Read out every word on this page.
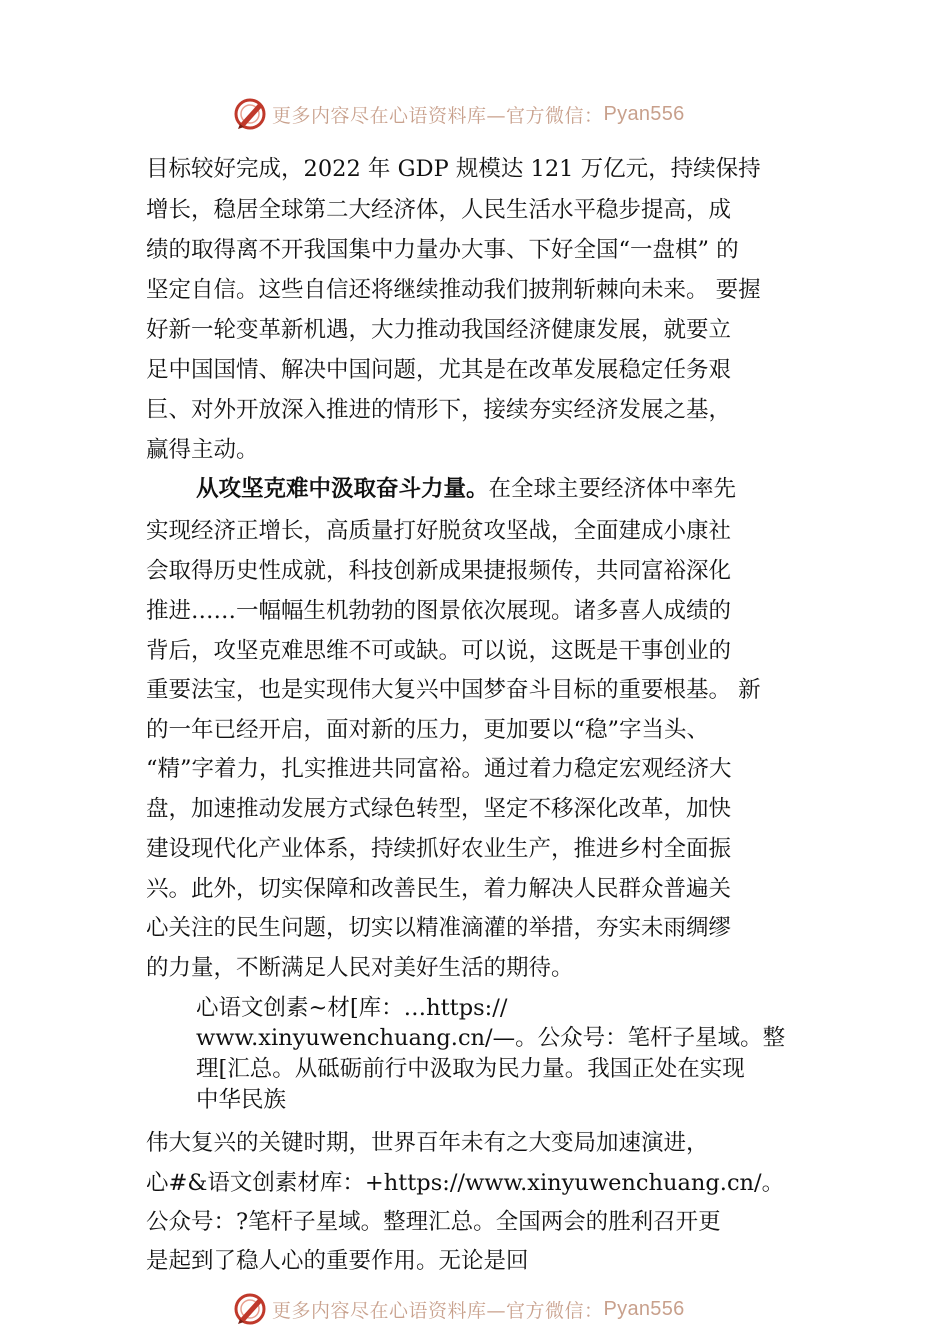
更多内容尽在心语资料库—官方微信： Pyan556
目标较好完成，2022 年 GDP 规模达 121 万亿元，持续保持
增长，稳居全球第二大经济体，人民生活水平稳步提高，成
绩的取得离不开我国集中力量办大事、下好全国“一盘棋” 的
坚定自信。这些自信还将继续推动我们披荆斩棘向未来。 要握
好新一轮变革新机遇，大力推动我国经济健康发展，就要立
足中国国情、解决中国问题，尤其是在改革发展稳定任务艰
巨、对外开放深入推进的情形下，接续夯实经济发展之基，
赢得主动。
从攻坚克难中汲取奋斗力量。在全球主要经济体中率先
实现经济正增长，高质量打好脱贫攻坚战，全面建成小康社
会取得历史性成就，科技创新成果捷报频传，共同富裕深化
推进……一幅幅生机勃勃的图景依次展现。诸多喜人成绩的
背后，攻坚克难思维不可或缺。可以说，这既是干事创业的
重要法宝，也是实现伟大复兴中国梦奋斗目标的重要根基。 新
的一年已经开启，面对新的压力，更加要以“稳”字当头、
“精”字着力，扎实推进共同富裕。通过着力稳定宏观经济大
盘，加速推动发展方式绿色转型，坚定不移深化改革，加快
建设现代化产业体系，持续抓好农业生产，推进乡村全面振
兴。此外，切实保障和改善民生，着力解决人民群众普遍关
心关注的民生问题，切实以精准滴灌的举措，夯实未雨绸缪
的力量，不断满足人民对美好生活的期待。
心语文创素~材[库：…https://
www.xinyuwenchuang.cn/—。公众号：笔杆子星域。整
理[汇总。从砥砺前行中汲取为民力量。我国正处在实现
中华民族
伟大复兴的关键时期，世界百年未有之大变局加速演进，
心#&语文创素材库：+https://www.xinyuwenchuang.cn/。
公众号：?笔杆子星域。整理汇总。全国两会的胜利召开更
是起到了稳人心的重要作用。无论是回
更多内容尽在心语资料库—官方微信： Pyan556
